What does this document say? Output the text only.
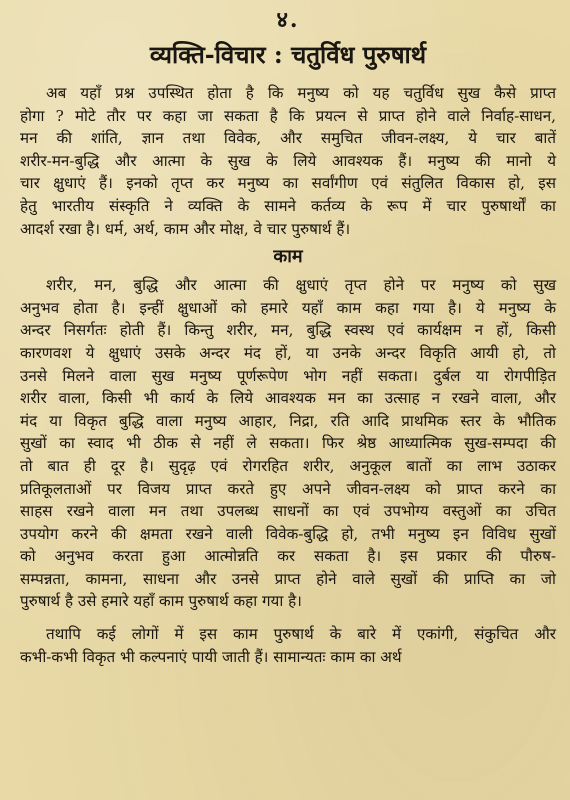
४.
व्यक्ति-विचार : चतुर्विध पुरुषार्थ
अब यहाँ प्रश्न उपस्थित होता है कि मनुष्य को यह चतुर्विध सुख कैसे प्राप्त
होगा ? मोटे तौर पर कहा जा सकता है कि प्रयत्न से प्राप्त होने वाले निर्वाह-साधन,
मन की शांति, ज्ञान तथा विवेक, और समुचित जीवन-लक्ष्य, ये चार बातें
शरीर-मन-बुद्धि और आत्मा के सुख के लिये आवश्यक हैं। मनुष्य की मानो ये
चार क्षुधाएं हैं। इनको तृप्त कर मनुष्य का सर्वांगीण एवं संतुलित विकास हो, इस
हेतु भारतीय संस्कृति ने व्यक्ति के सामने कर्तव्य के रूप में चार पुरुषार्थों का
आदर्श रखा है। धर्म, अर्थ, काम और मोक्ष, वे चार पुरुषार्थ हैं।
काम
शरीर, मन, बुद्धि और आत्मा की क्षुधाएं तृप्त होने पर मनुष्य को सुख
अनुभव होता है। इन्हीं क्षुधाओं को हमारे यहाँ काम कहा गया है। ये मनुष्य के
अन्दर निसर्गतः होती हैं। किन्तु शरीर, मन, बुद्धि स्वस्थ एवं कार्यक्षम न हों, किसी
कारणवश ये क्षुधाएं उसके अन्दर मंद हों, या उनके अन्दर विकृति आयी हो, तो
उनसे मिलने वाला सुख मनुष्य पूर्णरूपेण भोग नहीं सकता। दुर्बल या रोगपीड़ित
शरीर वाला, किसी भी कार्य के लिये आवश्यक मन का उत्साह न रखने वाला, और
मंद या विकृत बुद्धि वाला मनुष्य आहार, निद्रा, रति आदि प्राथमिक स्तर के भौतिक
सुखों का स्वाद भी ठीक से नहीं ले सकता। फिर श्रेष्ठ आध्यात्मिक सुख-सम्पदा की
तो बात ही दूर है। सुदृढ़ एवं रोगरहित शरीर, अनुकूल बातों का लाभ उठाकर
प्रतिकूलताओं पर विजय प्राप्त करते हुए अपने जीवन-लक्ष्य को प्राप्त करने का
साहस रखने वाला मन तथा उपलब्ध साधनों का एवं उपभोग्य वस्तुओं का उचित
उपयोग करने की क्षमता रखने वाली विवेक-बुद्धि हो, तभी मनुष्य इन विविध सुखों
को अनुभव करता हुआ आत्मोन्नति कर सकता है। इस प्रकार की पौरुष-
सम्पन्नता, कामना, साधना और उनसे प्राप्त होने वाले सुखों की प्राप्ति का जो
पुरुषार्थ है उसे हमारे यहाँ काम पुरुषार्थ कहा गया है।
तथापि कई लोगों में इस काम पुरुषार्थ के बारे में एकांगी, संकुचित और
कभी-कभी विकृत भी कल्पनाएं पायी जाती हैं। सामान्यतः काम का अर्थ
